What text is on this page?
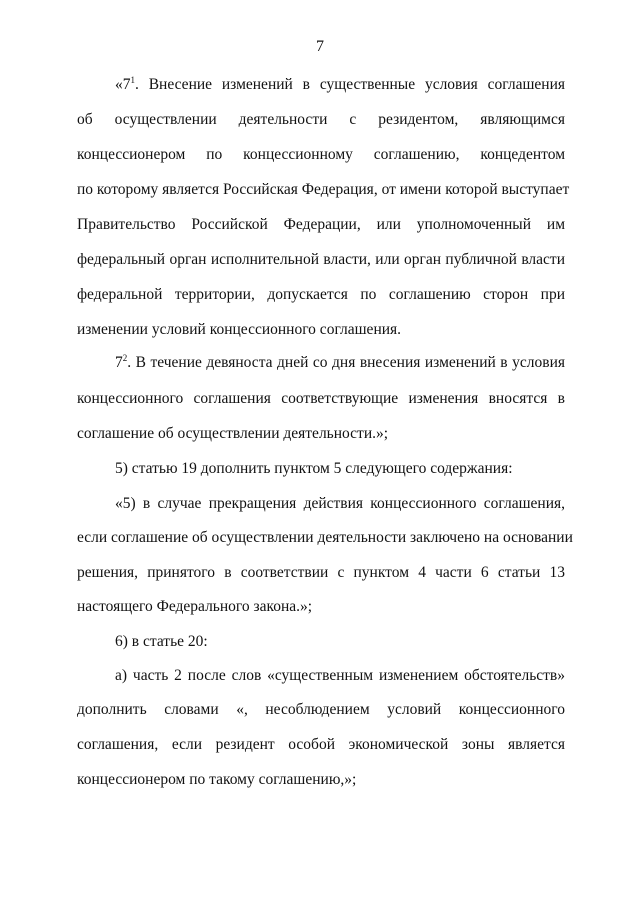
7
«$7^1$. Внесение изменений в существенные условия соглашения
об осуществлении деятельности с резидентом, являющимся
концессионером по концессионному соглашению, концедентом
по которому является Российская Федерация, от имени которой выступает
Правительство Российской Федерации, или уполномоченный им
федеральный орган исполнительной власти, или орган публичной власти
федеральной территории, допускается по соглашению сторон при
изменении условий концессионного соглашения.
$7^2$. В течение девяноста дней со дня внесения изменений в условия
концессионного соглашения соответствующие изменения вносятся в
соглашение об осуществлении деятельности.»;
5) статью 19 дополнить пунктом 5 следующего содержания:
«5) в случае прекращения действия концессионного соглашения,
если соглашение об осуществлении деятельности заключено на основании
решения, принятого в соответствии с пунктом 4 части 6 статьи 13
настоящего Федерального закона.»;
6) в статье 20:
а) часть 2 после слов «существенным изменением обстоятельств»
дополнить словами «, несоблюдением условий концессионного
соглашения, если резидент особой экономической зоны является
концессионером по такому соглашению,»;
